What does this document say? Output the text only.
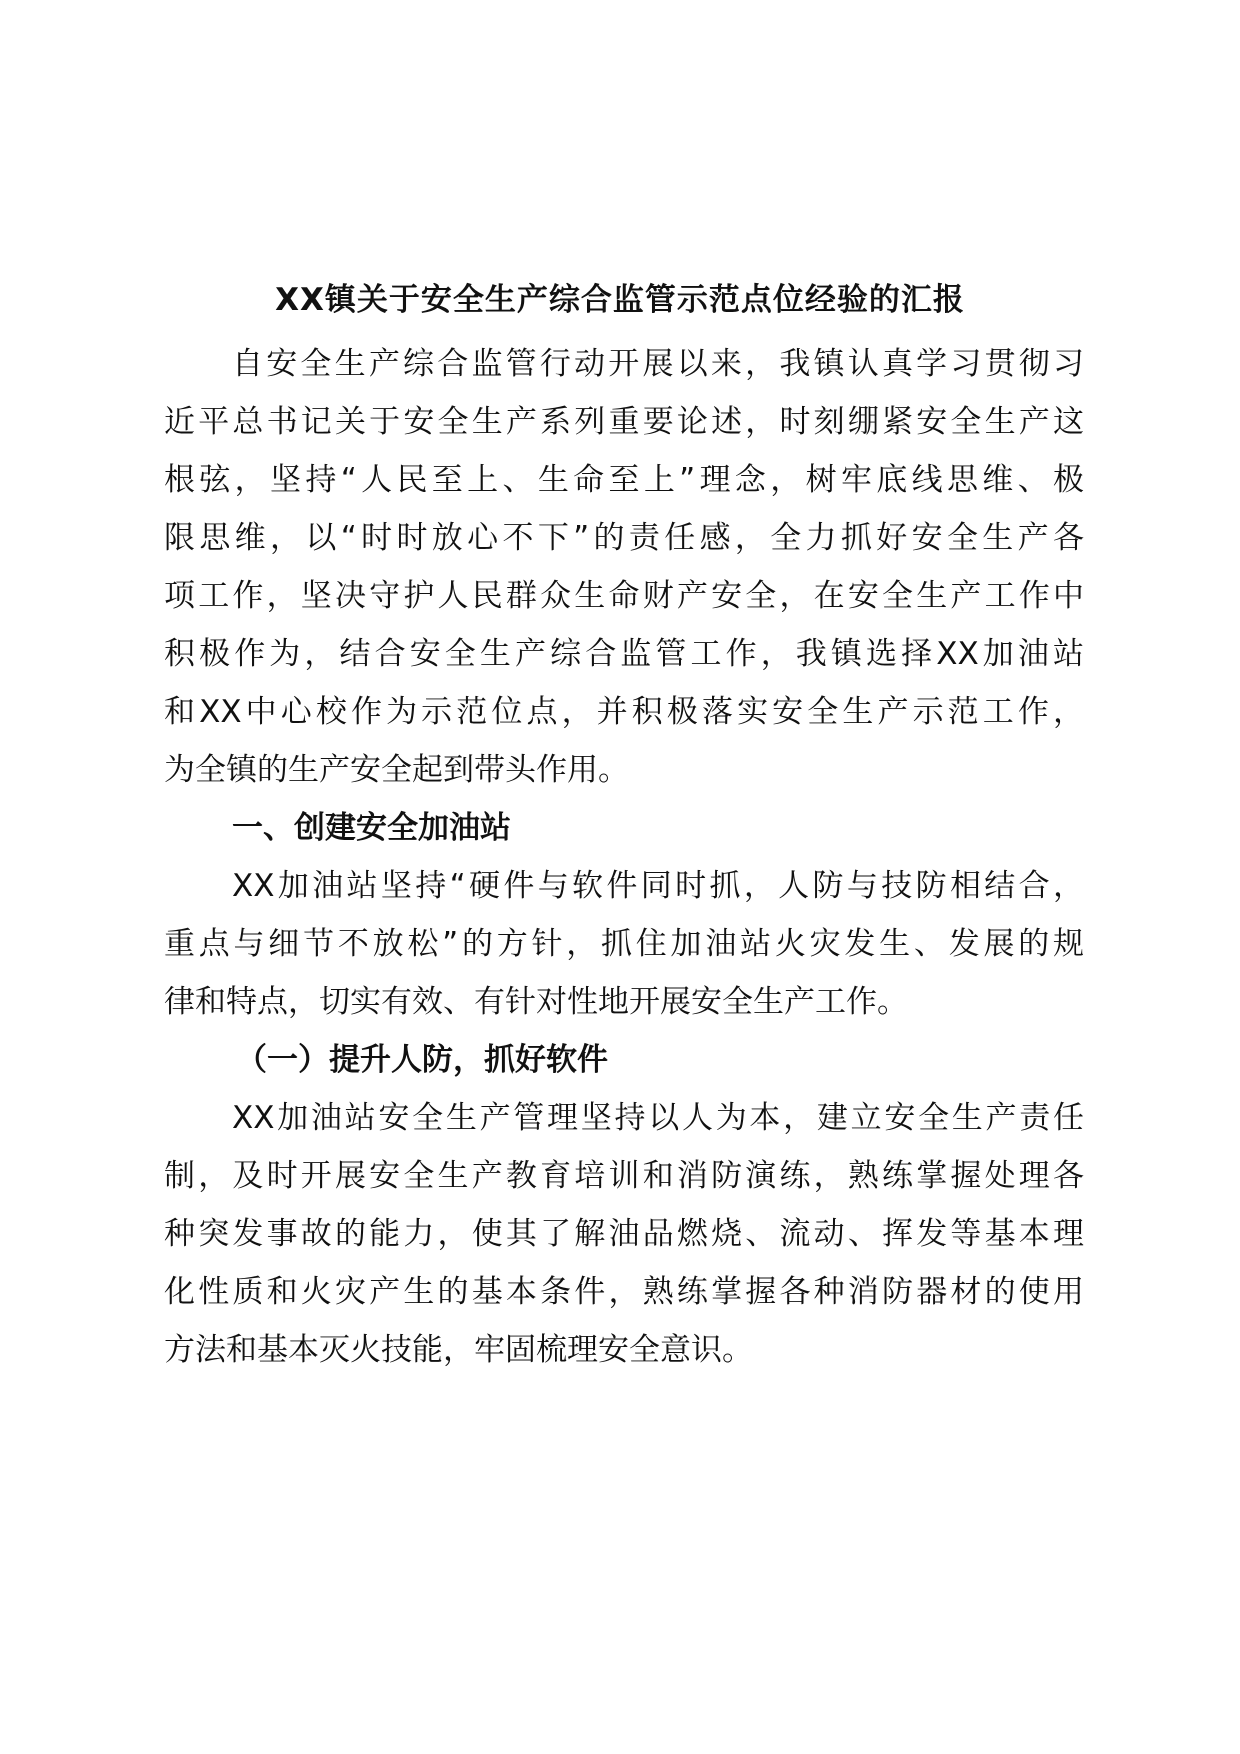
XX镇关于安全生产综合监管示范点位经验的汇报
自安全生产综合监管行动开展以来，我镇认真学习贯彻习
近平总书记关于安全生产系列重要论述，时刻绷紧安全生产这
根弦，坚持“人民至上、生命至上”理念，树牢底线思维、极
限思维，以“时时放心不下”的责任感，全力抓好安全生产各
项工作，坚决守护人民群众生命财产安全，在安全生产工作中
积极作为，结合安全生产综合监管工作，我镇选择XX加油站
和XX中心校作为示范位点，并积极落实安全生产示范工作，
为全镇的生产安全起到带头作用。
一、创建安全加油站
XX加油站坚持“硬件与软件同时抓，人防与技防相结合，
重点与细节不放松”的方针，抓住加油站火灾发生、发展的规
律和特点，切实有效、有针对性地开展安全生产工作。
（一）提升人防，抓好软件
XX加油站安全生产管理坚持以人为本，建立安全生产责任
制，及时开展安全生产教育培训和消防演练，熟练掌握处理各
种突发事故的能力，使其了解油品燃烧、流动、挥发等基本理
化性质和火灾产生的基本条件，熟练掌握各种消防器材的使用
方法和基本灭火技能，牢固梳理安全意识。
